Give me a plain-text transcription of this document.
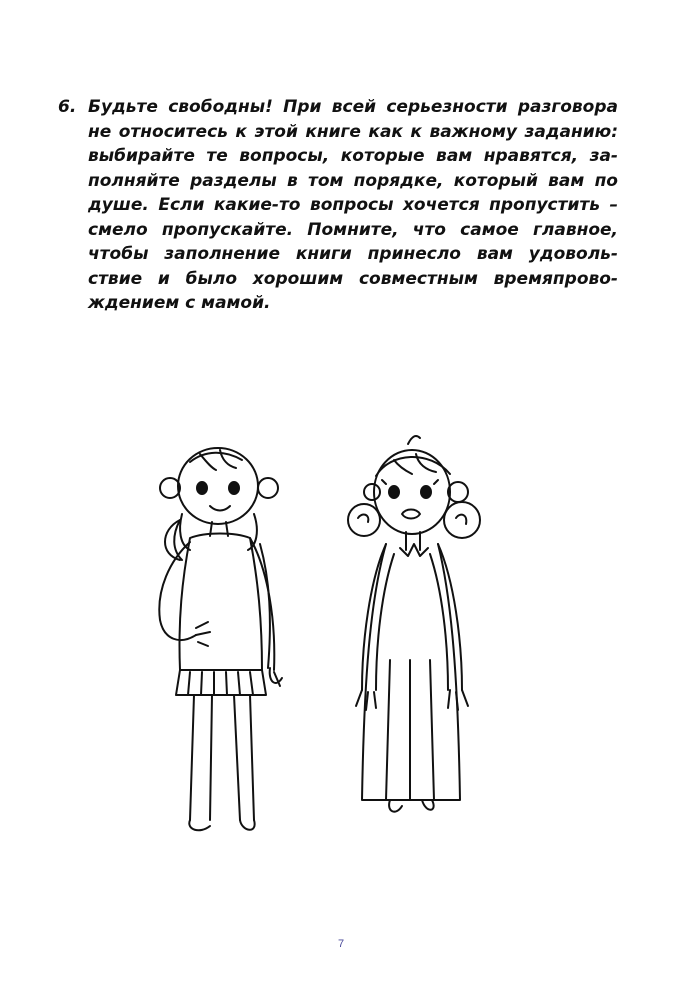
6. Будьте свободны! При всей серьезности разговора
не относитесь к этой книге как к важному заданию:
выбирайте те вопросы, которые вам нравятся, за-
полняйте разделы в том порядке, который вам по
душе. Если какие-то вопросы хочется пропустить –
смело пропускайте. Помните, что самое главное,
чтобы заполнение книги принесло вам удоволь-
ствие и было хорошим совместным времяпрово-
ждением с мамой.
7
